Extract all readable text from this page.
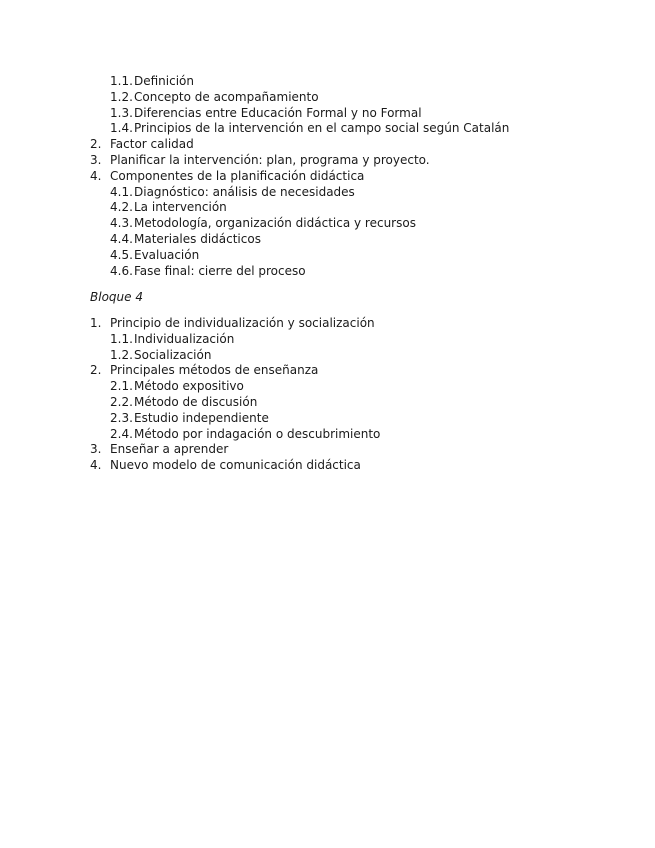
1.1. Definición
1.2. Concepto de acompañamiento
1.3. Diferencias entre Educación Formal y no Formal
1.4. Principios de la intervención en el campo social según Catalán
2. Factor calidad
3. Planificar la intervención: plan, programa y proyecto.
4. Componentes de la planificación didáctica
4.1. Diagnóstico: análisis de necesidades
4.2. La intervención
4.3. Metodología, organización didáctica y recursos
4.4. Materiales didácticos
4.5. Evaluación
4.6. Fase final: cierre del proceso
Bloque 4
1. Principio de individualización y socialización
1.1. Individualización
1.2. Socialización
2. Principales métodos de enseñanza
2.1. Método expositivo
2.2. Método de discusión
2.3. Estudio independiente
2.4. Método por indagación o descubrimiento
3. Enseñar a aprender
4. Nuevo modelo de comunicación didáctica
